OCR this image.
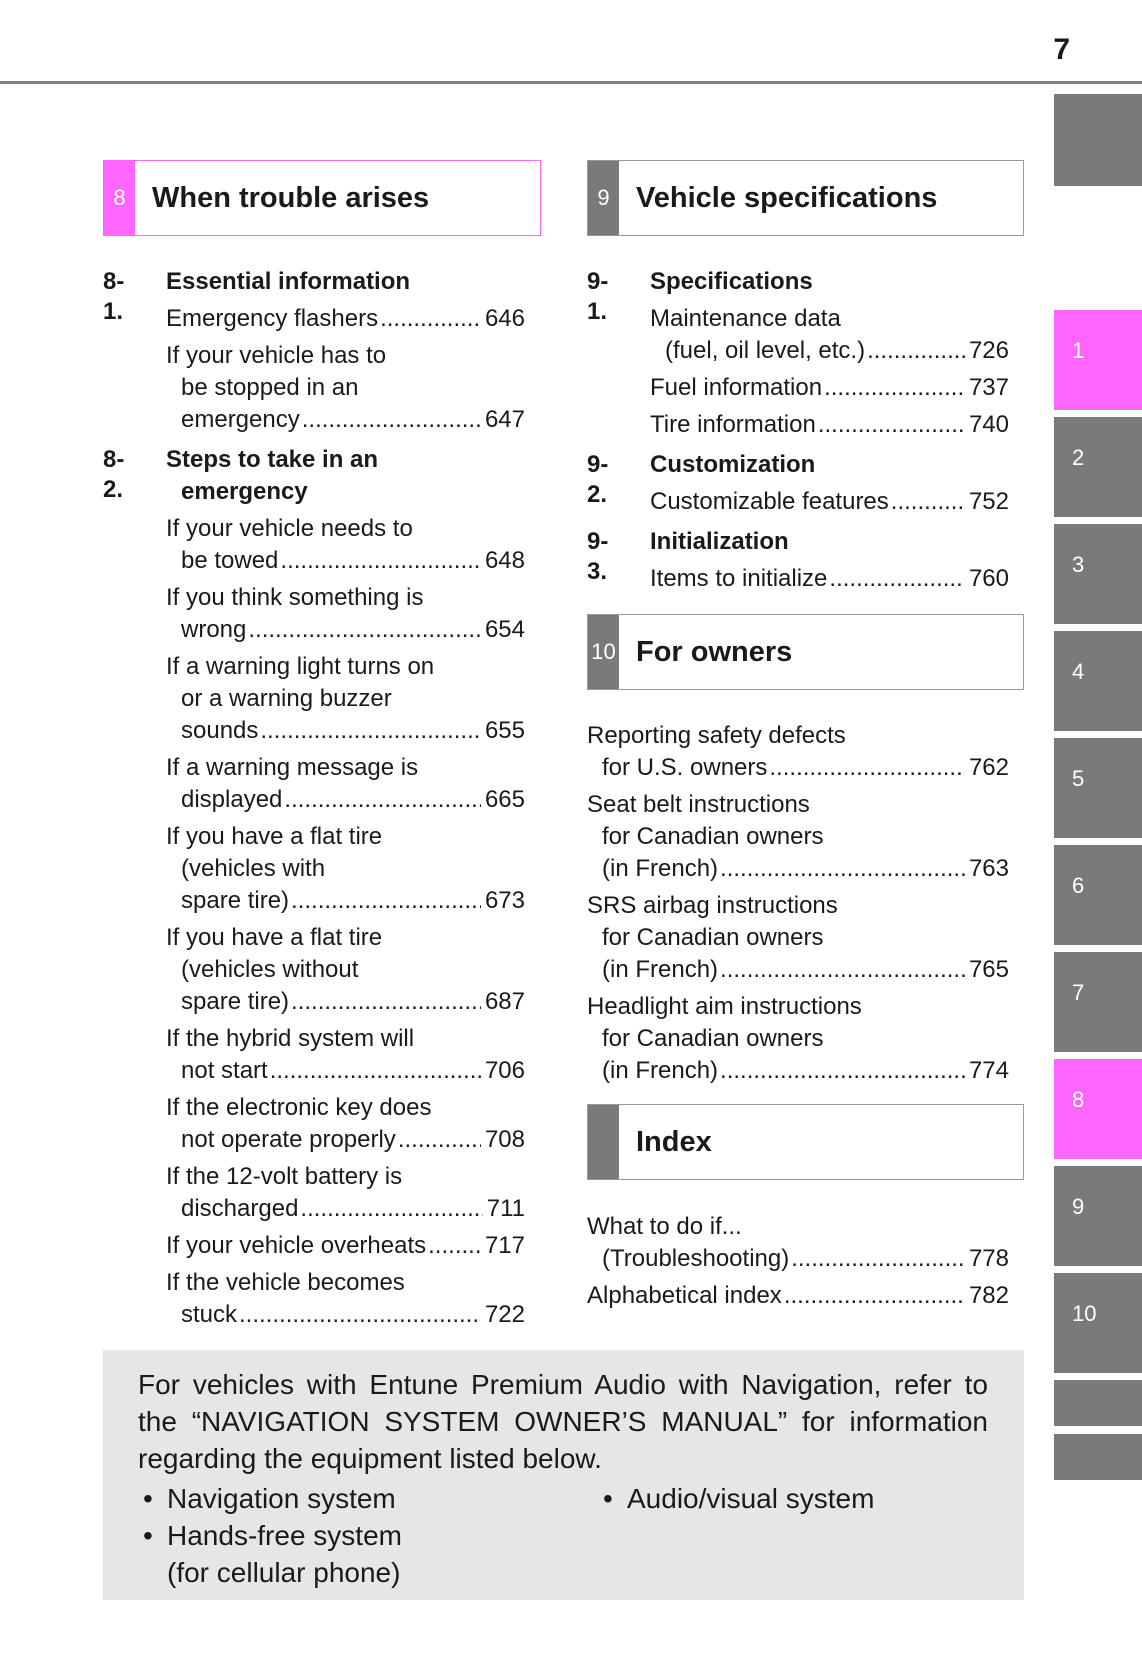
7
1
2
3
4
5
6
7
8
9
10
8 When trouble arises	9 Vehicle specifications
10 For owners
Index
8-1.
Essential information
Emergency flashers .....	646
If your vehicle has to
be stopped in an
emergency .....	647
8-2.
Steps to take in an
emergency
If your vehicle needs to
be towed .....	648
If you think something is
wrong .....	654
If a warning light turns on
or a warning buzzer
sounds .....	655
If a warning message is
displayed .....	665
If you have a flat tire
(vehicles with
spare tire) .....	673
If you have a flat tire
(vehicles without
spare tire) .....	687
If the hybrid system will
not start .....	706
If the electronic key does
not operate properly .....	708
If the 12-volt battery is
discharged .....	711
If your vehicle overheats ..... 717
If the vehicle becomes
stuck .....	722
9-1.
Specifications
Maintenance data
(fuel, oil level, etc.) .....	726
Fuel information .....	737
Tire information .....	740
9-2.
Customization
Customizable features .....	752
9-3.
Initialization
Items to initialize .....	760
Reporting safety defects
for U.S. owners .....	762
Seat belt instructions
for Canadian owners
(in French) .....	763
SRS airbag instructions
for Canadian owners
(in French) .....	765
Headlight aim instructions
for Canadian owners
(in French) .....	774
What to do if...
(Troubleshooting) .....	778
Alphabetical index .....	782

For vehicles with Entune Premium Audio with Navigation, refer to the “NAVIGATION SYSTEM OWNER’S MANUAL” for information regarding the equipment listed below.

• Navigation system
• Hands-free system
(for cellular phone)
• Audio/visual system
